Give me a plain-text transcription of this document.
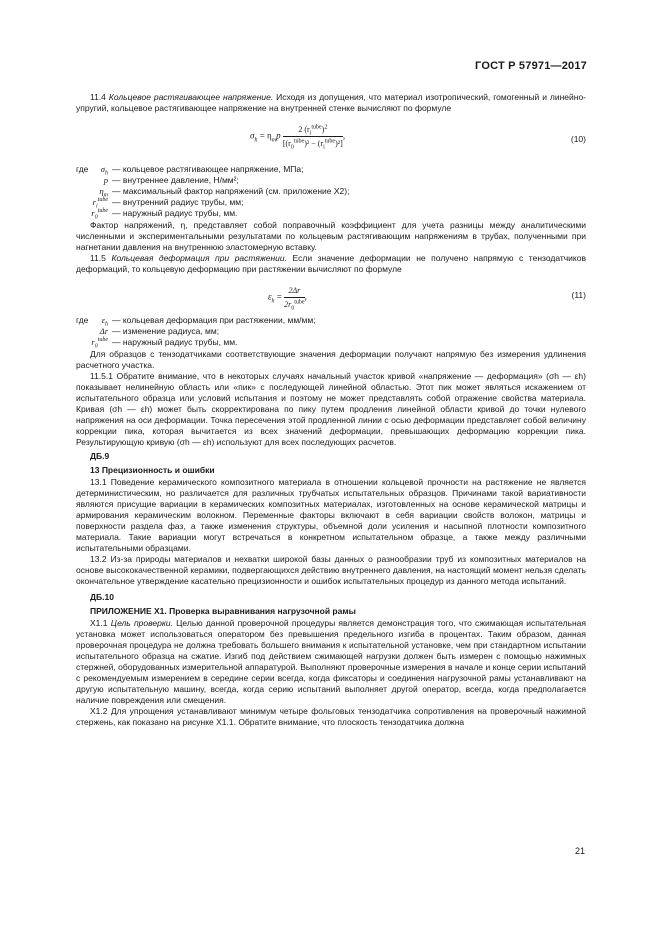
ГОСТ Р 57971—2017

11.4 Кольцевое растягивающее напряжение. Исходя из допущения, что материал изотропический, гомогенный и линейно-упругий, кольцевое растягивающее напряжение на внутренней стенке вычисляют по формуле

$\sigma_h = \eta_mp \frac{2 (r_i^{tube})^2}{[(r_0^{tube})^2 - (r_i^{tube})^2]}$ ,	(10)
где	$\sigma_h$ — кольцевое растягивающее напряжение, МПа;
p — внутреннее давление, Н/мм²;
$\eta_m$ — максимальный фактор напряжений (см. приложение Х2);
$r_i^{tube}$ — внутренний радиус трубы, мм;
$r_0^{tube}$ — наружный радиус трубы, мм.

Фактор напряжений, η, представляет собой поправочный коэффициент для учета разницы между аналитическими численными и экспериментальными результатами по кольцевым растягивающим напряжениям в трубах, полученными при нагнетании давления на внутреннюю эластомерную вставку.

11.5 Кольцевая деформация при растяжении. Если значение деформации не получено напрямую с тензодатчиков деформаций, то кольцевую деформацию при растяжении вычисляют по формуле

$\varepsilon_h = \frac{2\Delta r}{2r_0^{tube}}$ ,	(11)
где	$\varepsilon_h$ — кольцевая деформация при растяжении, мм/мм;
Δr — изменение радиуса, мм;
$r_0^{tube}$ — наружный радиус трубы, мм.

Для образцов с тензодатчиками соответствующие значения деформации получают напрямую без измерения удлинения расчетного участка.

11.5.1 Обратите внимание, что в некоторых случаях начальный участок кривой «напряжение — деформация» (σh — εh) показывает нелинейную область или «пик» с последующей линейной областью. Этот пик может являться искажением от испытательного образца или условий испытания и поэтому не может представлять собой отражение свойства материала. Кривая (σh — εh) может быть скорректирована по пику путем продления линейной области кривой до точки нулевого напряжения на оси деформации. Точка пересечения этой продленной линии с осью деформации представляет собой величину коррекции пика, которая вычитается из всех значений деформации, превышающих деформацию коррекции пика. Результирующую кривую (σh — εh) используют для всех последующих расчетов.

ДБ.9

13 Прецизионность и ошибки

13.1 Поведение керамического композитного материала в отношении кольцевой прочности на растяжение не является детерминистическим, но различается для различных трубчатых испытательных образцов. Причинами такой вариативности являются присущие вариации в керамических композитных материалах, изготовленных на основе керамической матрицы и армирования керамическим волокном. Переменные факторы включают в себя вариации свойств волокон, матрицы и поверхности раздела фаз, а также изменения структуры, объемной доли усиления и насыпной плотности композитного материала. Такие вариации могут встречаться в конкретном испытательном образце, а также между различными испытательными образцами.

13.2 Из-за природы материалов и нехватки широкой базы данных о разнообразии труб из композитных материалов на основе высококачественной керамики, подвергающихся действию внутреннего давления, на настоящий момент нельзя сделать окончательное утверждение касательно прецизионности и ошибок испытательных процедур из данного метода испытаний.

ДБ.10

ПРИЛОЖЕНИЕ Х1. Проверка выравнивания нагрузочной рамы

Х1.1 Цель проверки. Целью данной проверочной процедуры является демонстрация того, что сжимающая испытательная установка может использоваться оператором без превышения предельного изгиба в процентах. Таким образом, данная проверочная процедура не должна требовать большего внимания к испытательной установке, чем при стандартном испытании испытательного образца на сжатие. Изгиб под действием сжимающей нагрузки должен быть измерен с помощью нажимных стержней, оборудованных измерительной аппаратурой. Выполняют проверочные измерения в начале и конце серии испытаний с рекомендуемым измерением в середине серии всегда, когда фиксаторы и соединения нагрузочной рамы устанавливают на другую испытательную машину, всегда, когда серию испытаний выполняет другой оператор, всегда, когда предполагается наличие повреждения или смещения.

Х1.2 Для упрощения устанавливают минимум четыре фольговых тензодатчика сопротивления на проверочный нажимной стержень, как показано на рисунке Х1.1. Обратите внимание, что плоскость тензодатчика должна

21
